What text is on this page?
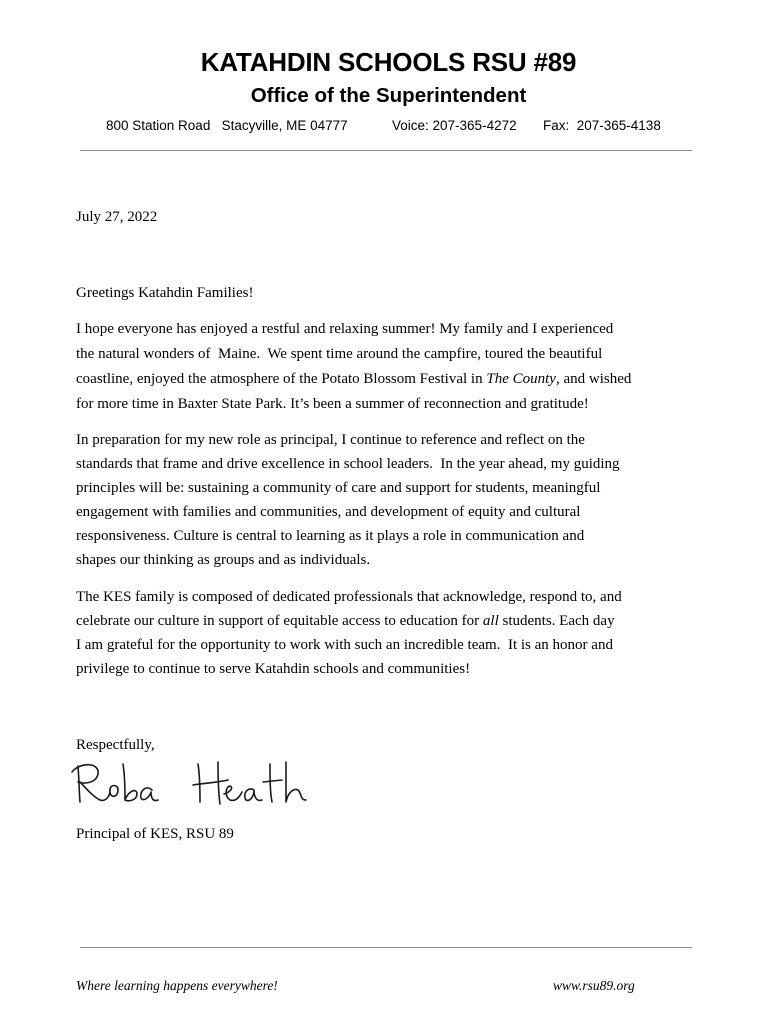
KATAHDIN SCHOOLS RSU #89
Office of the Superintendent
800 Station Road   Stacyville, ME 04777	Voice: 207-365-4272 Fax:  207-365-4138
July 27, 2022
Greetings Katahdin Families!
I hope everyone has enjoyed a restful and relaxing summer! My family and I experienced
the natural wonders of  Maine.  We spent time around the campfire, toured the beautiful
coastline, enjoyed the atmosphere of the Potato Blossom Festival in The County, and wished
for more time in Baxter State Park. It’s been a summer of reconnection and gratitude!
In preparation for my new role as principal, I continue to reference and reflect on the
standards that frame and drive excellence in school leaders.  In the year ahead, my guiding
principles will be: sustaining a community of care and support for students, meaningful
engagement with families and communities, and development of equity and cultural
responsiveness. Culture is central to learning as it plays a role in communication and
shapes our thinking as groups and as individuals.
The KES family is composed of dedicated professionals that acknowledge, respond to, and
celebrate our culture in support of equitable access to education for all students. Each day
I am grateful for the opportunity to work with such an incredible team.  It is an honor and
privilege to continue to serve Katahdin schools and communities!
Respectfully,
Principal of KES, RSU 89
Where learning happens everywhere!	www.rsu89.org
